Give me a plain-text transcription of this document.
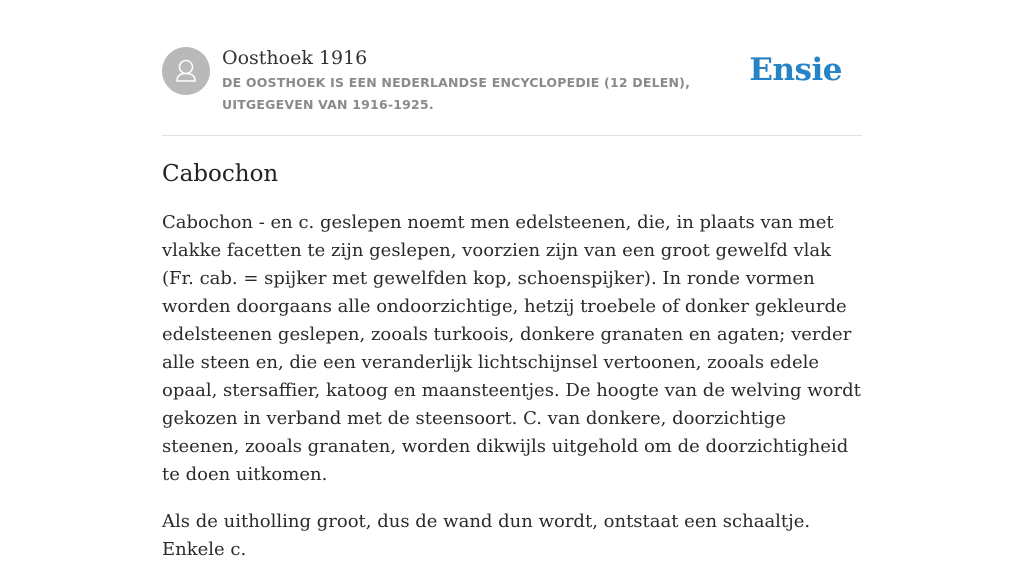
Oosthoek 1916
DE OOSTHOEK IS EEN NEDERLANDSE ENCYCLOPEDIE (12 DELEN), UITGEGEVEN VAN 1916-1925.
Ensie
Cabochon

Cabochon - en c. geslepen noemt men edelsteenen, die, in plaats van met vlakke facetten te zijn geslepen, voorzien zijn van een groot gewelfd vlak (Fr. cab. = spijker met gewelfden kop, schoenspijker). In ronde vormen worden doorgaans alle ondoorzichtige, hetzij troebele of donker gekleurde edelsteenen geslepen, zooals turkoois, donkere granaten en agaten; verder alle steen en, die een veranderlijk lichtschijnsel vertoonen, zooals edele opaal, stersaffier, katoog en maansteentjes. De hoogte van de welving wordt gekozen in verband met de steensoort. C. van donkere, doorzichtige steenen, zooals granaten, worden dikwijls uitgehold om de doorzichtigheid te doen uitkomen.

Als de uitholling groot, dus de wand dun wordt, ontstaat een schaaltje. Enkele c.
